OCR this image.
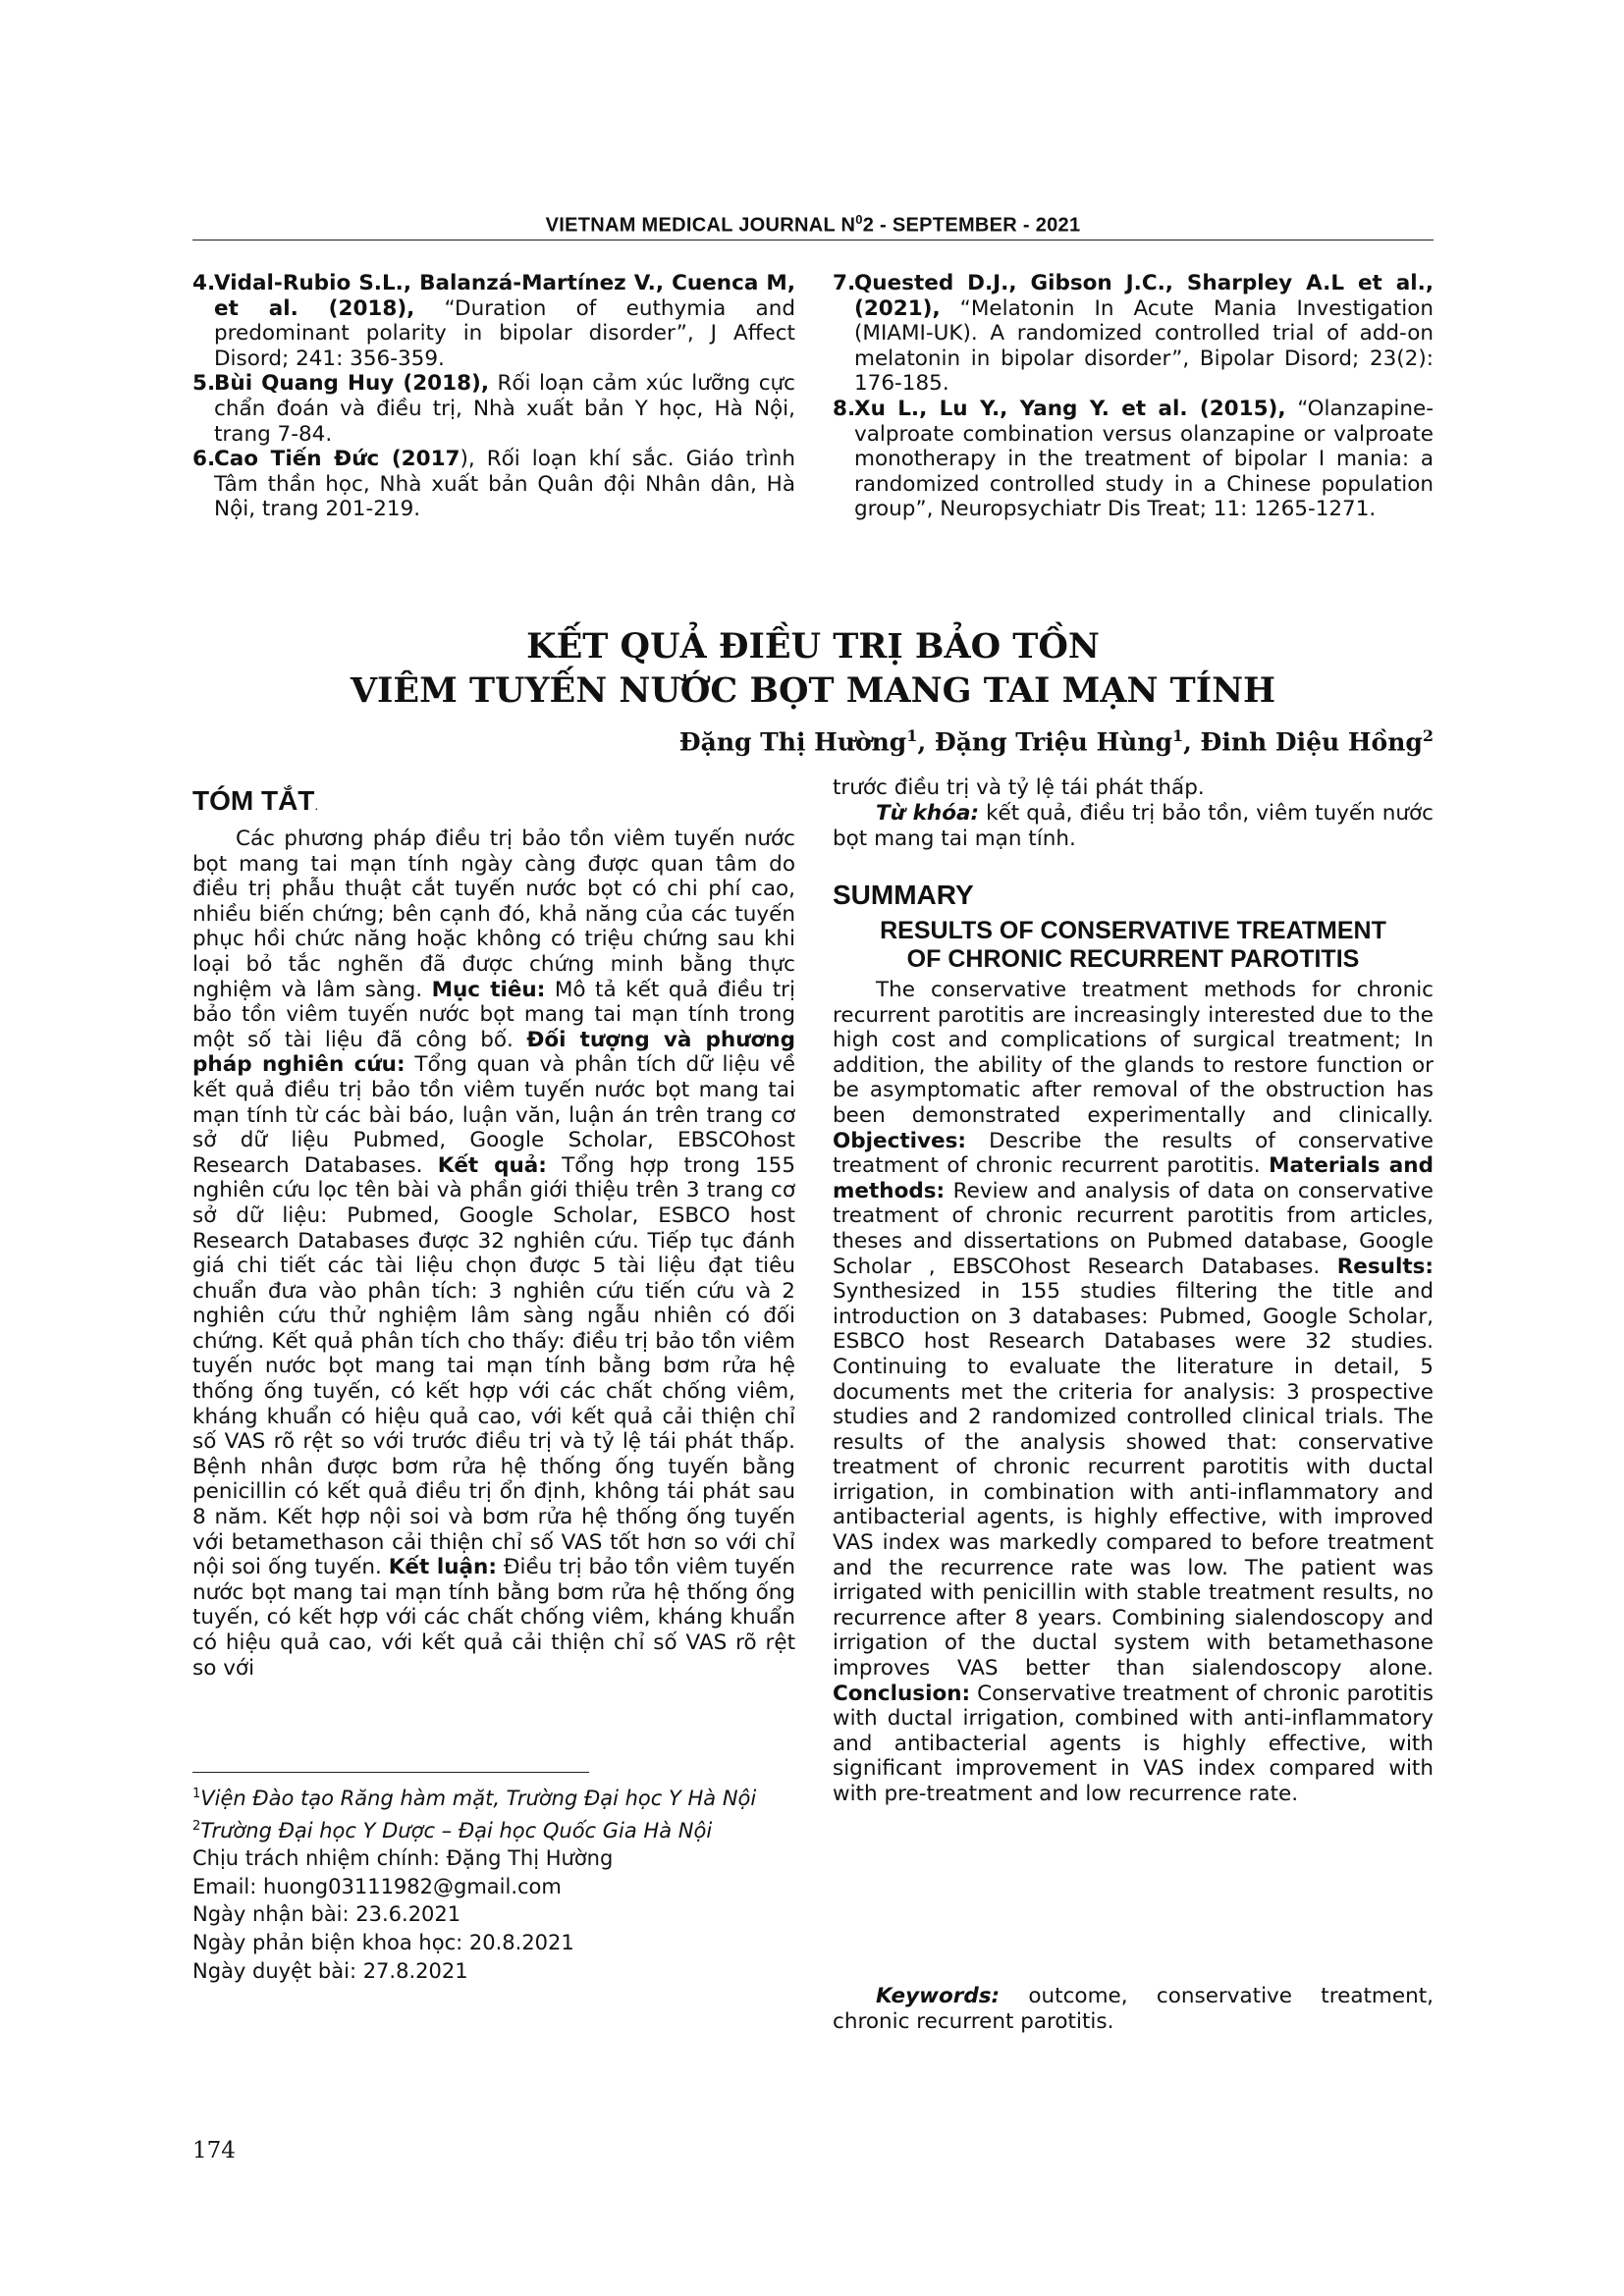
VIETNAM MEDICAL JOURNAL $N^02$ - SEPTEMBER - 2021
4.
Vidal-Rubio S.L., Balanzá-Martínez V., Cuenca M, et al. (2018), “Duration of euthymia and predominant polarity in bipolar disorder”, J Affect Disord; 241: 356-359.
5.
Bùi Quang Huy (2018), Rối loạn cảm xúc lưỡng cực chẩn đoán và điều trị, Nhà xuất bản Y học, Hà Nội, trang 7-84.
6.
Cao Tiến Đức (2017), Rối loạn khí sắc. Giáo trình Tâm thần học, Nhà xuất bản Quân đội Nhân dân, Hà Nội, trang 201-219.
7.
Quested D.J., Gibson J.C., Sharpley A.L et al., (2021), “Melatonin In Acute Mania Investigation (MIAMI-UK). A randomized controlled trial of add-on melatonin in bipolar disorder”, Bipolar Disord; 23(2): 176-185.
8.
Xu L., Lu Y., Yang Y. et al. (2015), “Olanzapine-valproate combination versus olanzapine or valproate monotherapy in the treatment of bipolar I mania: a randomized controlled study in a Chinese population group”, Neuropsychiatr Dis Treat; 11: 1265-1271.
KẾT QUẢ ĐIỀU TRỊ BẢO TỒN
VIÊM TUYẾN NƯỚC BỌT MANG TAI MẠN TÍNH
Đặng Thị Hường$^1$, Đặng Triệu Hùng$^1$, Đinh Diệu Hồng$^2$
TÓM TẮT.
Các phương pháp điều trị bảo tồn viêm tuyến nước bọt mang tai mạn tính ngày càng được quan tâm do điều trị phẫu thuật cắt tuyến nước bọt có chi phí cao, nhiều biến chứng; bên cạnh đó, khả năng của các tuyến phục hồi chức năng hoặc không có triệu chứng sau khi loại bỏ tắc nghẽn đã được chứng minh bằng thực nghiệm và lâm sàng. Mục tiêu: Mô tả kết quả điều trị bảo tồn viêm tuyến nước bọt mang tai mạn tính trong một số tài liệu đã công bố. Đối tượng và phương pháp nghiên cứu: Tổng quan và phân tích dữ liệu về kết quả điều trị bảo tồn viêm tuyến nước bọt mang tai mạn tính từ các bài báo, luận văn, luận án trên trang cơ sở dữ liệu Pubmed, Google Scholar, EBSCOhost Research Databases. Kết quả: Tổng hợp trong 155 nghiên cứu lọc tên bài và phần giới thiệu trên 3 trang cơ sở dữ liệu: Pubmed, Google Scholar, ESBCO host Research Databases được 32 nghiên cứu. Tiếp tục đánh giá chi tiết các tài liệu chọn được 5 tài liệu đạt tiêu chuẩn đưa vào phân tích: 3 nghiên cứu tiến cứu và 2 nghiên cứu thử nghiệm lâm sàng ngẫu nhiên có đối chứng. Kết quả phân tích cho thấy: điều trị bảo tồn viêm tuyến nước bọt mang tai mạn tính bằng bơm rửa hệ thống ống tuyến, có kết hợp với các chất chống viêm, kháng khuẩn có hiệu quả cao, với kết quả cải thiện chỉ số VAS rõ rệt so với trước điều trị và tỷ lệ tái phát thấp. Bệnh nhân được bơm rửa hệ thống ống tuyến bằng penicillin có kết quả điều trị ổn định, không tái phát sau 8 năm. Kết hợp nội soi và bơm rửa hệ thống ống tuyến với betamethason cải thiện chỉ số VAS tốt hơn so với chỉ nội soi ống tuyến. Kết luận: Điều trị bảo tồn viêm tuyến nước bọt mang tai mạn tính bằng bơm rửa hệ thống ống tuyến, có kết hợp với các chất chống viêm, kháng khuẩn có hiệu quả cao, với kết quả cải thiện chỉ số VAS rõ rệt so với
trước điều trị và tỷ lệ tái phát thấp.
Từ khóa: kết quả, điều trị bảo tồn, viêm tuyến nước bọt mang tai mạn tính.
SUMMARY
RESULTS OF CONSERVATIVE TREATMENT
OF CHRONIC RECURRENT PAROTITIS
The conservative treatment methods for chronic recurrent parotitis are increasingly interested due to the high cost and complications of surgical treatment; In addition, the ability of the glands to restore function or be asymptomatic after removal of the obstruction has been demonstrated experimentally and clinically. Objectives: Describe the results of conservative treatment of chronic recurrent parotitis. Materials and methods: Review and analysis of data on conservative treatment of chronic recurrent parotitis from articles, theses and dissertations on Pubmed database, Google Scholar , EBSCOhost Research Databases. Results: Synthesized in 155 studies filtering the title and introduction on 3 databases: Pubmed, Google Scholar, ESBCO host Research Databases were 32 studies. Continuing to evaluate the literature in detail, 5 documents met the criteria for analysis: 3 prospective studies and 2 randomized controlled clinical trials. The results of the analysis showed that: conservative treatment of chronic recurrent parotitis with ductal irrigation, in combination with anti-inflammatory and antibacterial agents, is highly effective, with improved VAS index was markedly compared to before treatment and the recurrence rate was low. The patient was irrigated with penicillin with stable treatment results, no recurrence after 8 years. Combining sialendoscopy and irrigation of the ductal system with betamethasone improves VAS better than sialendoscopy alone. Conclusion: Conservative treatment of chronic parotitis with ductal irrigation, combined with anti-inflammatory and antibacterial agents is highly effective, with significant improvement in VAS index compared with with pre-treatment and low recurrence rate.
Keywords: outcome, conservative treatment, chronic recurrent parotitis.
$^1$Viện Đào tạo Răng hàm mặt, Trường Đại học Y Hà Nội
$^2$Trường Đại học Y Dược – Đại học Quốc Gia Hà Nội
Chịu trách nhiệm chính: Đặng Thị Hường
Email: huong03111982@gmail.com
Ngày nhận bài: 23.6.2021
Ngày phản biện khoa học: 20.8.2021
Ngày duyệt bài: 27.8.2021
174
